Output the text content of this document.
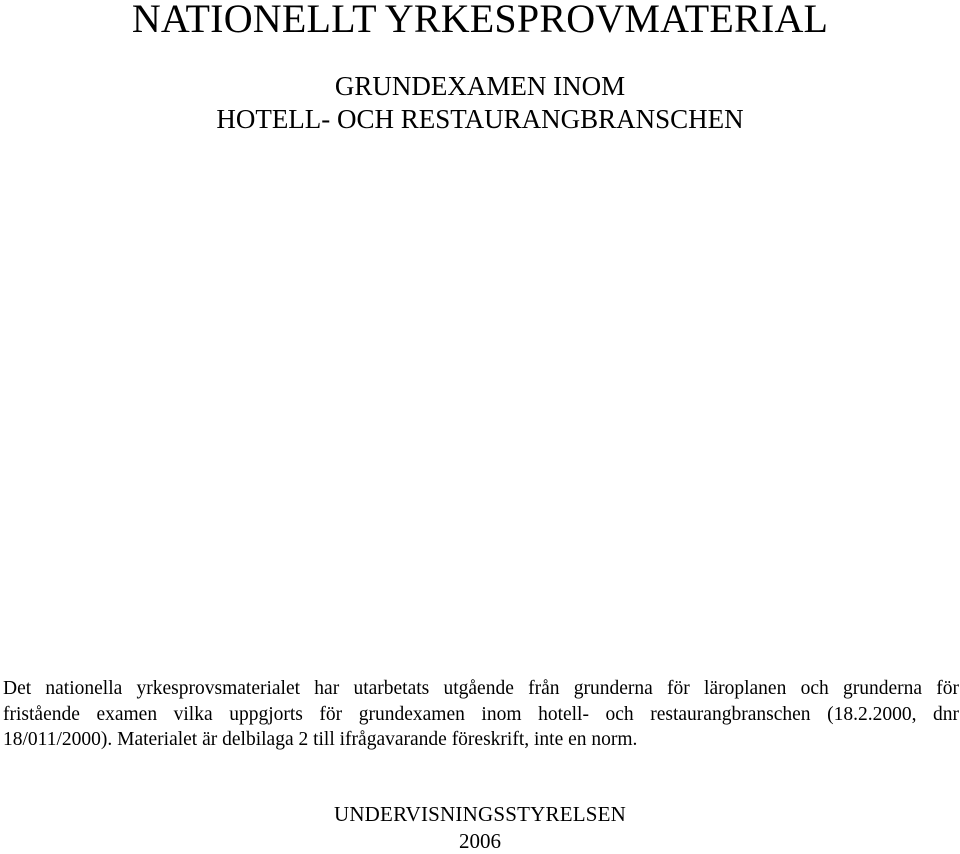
NATIONELLT YRKESPROVMATERIAL
GRUNDEXAMEN INOM
HOTELL- OCH RESTAURANGBRANSCHEN

Det nationella yrkesprovsmaterialet har utarbetats utgående från grunderna för läroplanen och grunderna för
fristående examen vilka uppgjorts för grundexamen inom hotell- och restaurangbranschen (18.2.2000, dnr
18/011/2000). Materialet är delbilaga 2 till ifrågavarande föreskrift, inte en norm.

UNDERVISNINGSSTYRELSEN
2006
